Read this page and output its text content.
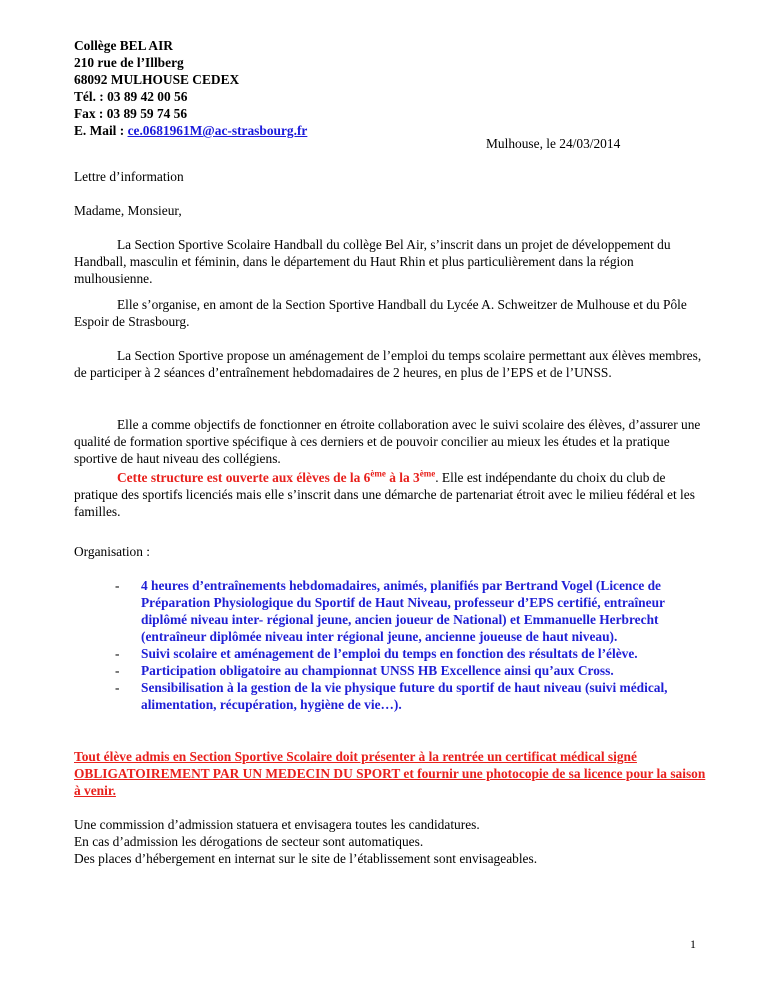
Collège BEL AIR
210 rue de l’Illberg
68092 MULHOUSE CEDEX
Tél. : 03 89 42 00 56
Fax : 03 89 59 74 56
E. Mail : ce.0681961M@ac-strasbourg.fr
Mulhouse, le 24/03/2014
Lettre d’information
Madame, Monsieur,
La Section Sportive Scolaire Handball du collège Bel Air, s’inscrit dans un projet de développement du Handball, masculin et féminin, dans le département du Haut Rhin et plus particulièrement dans la région mulhousienne.
Elle s’organise, en amont de la Section Sportive Handball du Lycée A. Schweitzer de Mulhouse et du Pôle Espoir de Strasbourg.
La Section Sportive propose un aménagement de l’emploi du temps scolaire permettant aux élèves membres, de participer à 2 séances d’entraînement hebdomadaires de 2 heures, en plus de l’EPS et de l’UNSS.
Elle a comme objectifs de fonctionner en étroite collaboration avec le suivi scolaire des élèves, d’assurer une qualité de formation sportive spécifique à ces derniers et de pouvoir concilier au mieux les études et la pratique sportive de haut niveau des collégiens.
Cette structure est ouverte aux élèves de la 6ème à la 3ème. Elle est indépendante du choix du club de pratique des sportifs licenciés mais elle s’inscrit dans une démarche de partenariat étroit avec le milieu fédéral et les familles.
Organisation :
- 4 heures d’entraînements hebdomadaires, animés, planifiés par Bertrand Vogel (Licence de Préparation Physiologique du Sportif de Haut Niveau, professeur d’EPS certifié, entraîneur diplômé niveau inter- régional jeune, ancien joueur de National) et Emmanuelle Herbrecht (entraîneur diplômée niveau inter régional jeune, ancienne joueuse de haut niveau).
- Suivi scolaire et aménagement de l’emploi du temps en fonction des résultats de l’élève.
- Participation obligatoire au championnat UNSS HB Excellence ainsi qu’aux Cross.
- Sensibilisation à la gestion de la vie physique future du sportif de haut niveau (suivi médical, alimentation, récupération, hygiène de vie…).
Tout élève admis en Section Sportive Scolaire doit présenter à la rentrée un certificat médical signé OBLIGATOIREMENT PAR UN MEDECIN DU SPORT et fournir une photocopie de sa licence pour la saison à venir.
Une commission d’admission statuera et envisagera toutes les candidatures.
En cas d’admission les dérogations de secteur sont automatiques.
Des places d’hébergement en internat sur le site de l’établissement sont envisageables.
1
